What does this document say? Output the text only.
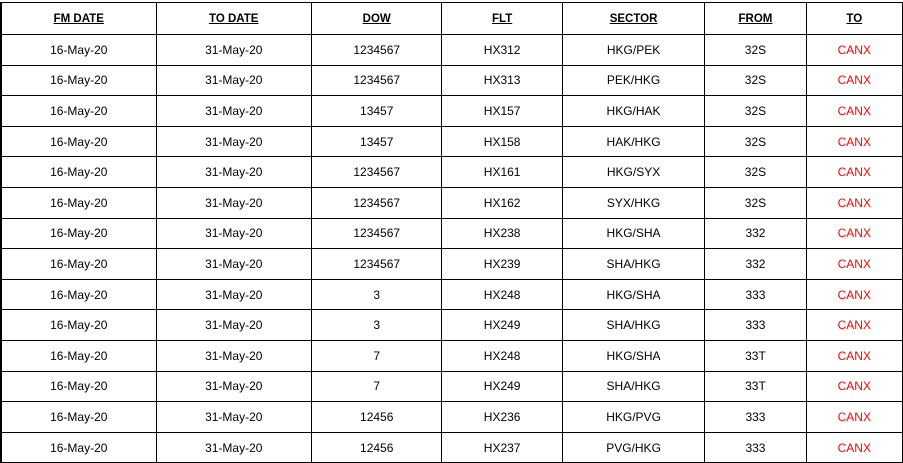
	FM DATE	TO DATE	DOW	FLT	SECTOR	FROM	TO
	16-May-20	31-May-20	1234567	HX312	HKG/PEK	32S	CANX
	16-May-20	31-May-20	1234567	HX313	PEK/HKG	32S	CANX
	16-May-20	31-May-20	13457	HX157	HKG/HAK	32S	CANX
	16-May-20	31-May-20	13457	HX158	HAK/HKG	32S	CANX
	16-May-20	31-May-20	1234567	HX161	HKG/SYX	32S	CANX
	16-May-20	31-May-20	1234567	HX162	SYX/HKG	32S	CANX
	16-May-20	31-May-20	1234567	HX238	HKG/SHA	332	CANX
	16-May-20	31-May-20	1234567	HX239	SHA/HKG	332	CANX
	16-May-20	31-May-20	3	HX248	HKG/SHA	333	CANX
	16-May-20	31-May-20	3	HX249	SHA/HKG	333	CANX
	16-May-20	31-May-20	7	HX248	HKG/SHA	33T	CANX
	16-May-20	31-May-20	7	HX249	SHA/HKG	33T	CANX
	16-May-20	31-May-20	12456	HX236	HKG/PVG	333	CANX
	16-May-20	31-May-20	12456	HX237	PVG/HKG	333	CANX
